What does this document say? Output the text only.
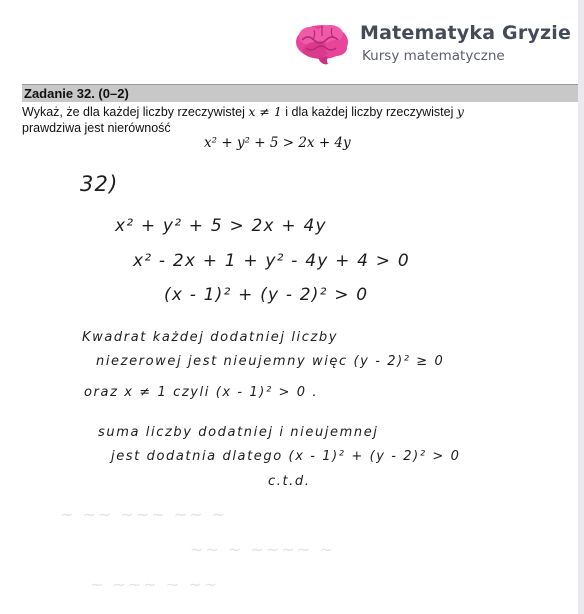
Matematyka Gryzie
Kursy matematyczne
Zadanie 32. (0–2)
Wykaż, że dla każdej liczby rzeczywistej x ≠ 1 i dla każdej liczby rzeczywistej y
prawdziwa jest nierówność
x² + y² + 5 > 2x + 4y
~ ~~ ~~~ ~~ ~
~~ ~ ~~~~ ~
~ ~~~ ~ ~~
32)
x² + y² + 5 > 2x + 4y
x² - 2x + 1 + y² - 4y + 4 > 0
(x - 1)² + (y - 2)² > 0
Kwadrat każdej dodatniej liczby
niezerowej jest nieujemny więc (y - 2)² ≥ 0
oraz x ≠ 1 czyli (x - 1)² > 0 .
suma liczby dodatniej i nieujemnej
jest dodatnia dlatego (x - 1)² + (y - 2)² > 0
c.t.d.
